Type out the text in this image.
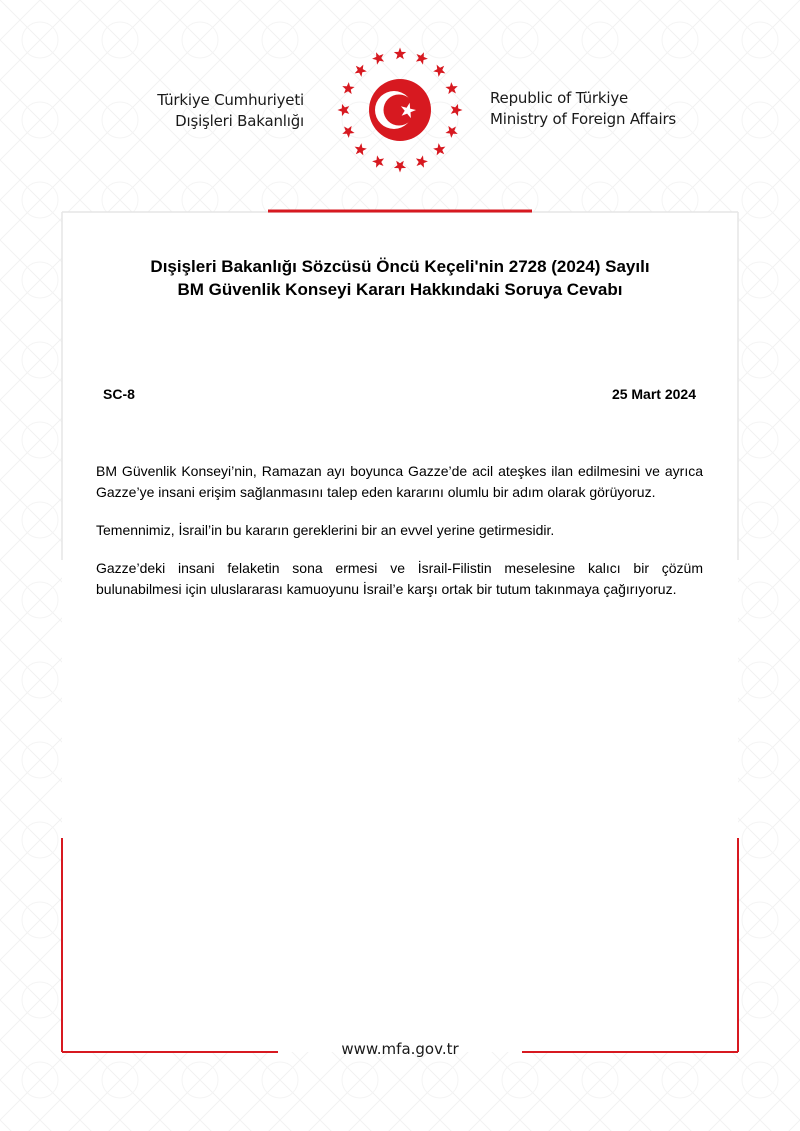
Türkiye Cumhuriyeti
Dışişleri Bakanlığı
Republic of Türkiye
Ministry of Foreign Affairs
Dışişleri Bakanlığı Sözcüsü Öncü Keçeli'nin 2728 (2024) Sayılı
BM Güvenlik Konseyi Kararı Hakkındaki Soruya Cevabı
SC-8	25 Mart 2024

BM Güvenlik Konseyi’nin, Ramazan ayı boyunca Gazze’de acil ateşkes ilan edilmesini ve ayrıca Gazze’ye insani erişim sağlanmasını talep eden kararını olumlu bir adım olarak görüyoruz.

Temennimiz, İsrail’in bu kararın gereklerini bir an evvel yerine getirmesidir.

Gazze’deki insani felaketin sona ermesi ve İsrail-Filistin meselesine kalıcı bir çözüm bulunabilmesi için uluslararası kamuoyunu İsrail’e karşı ortak bir tutum takınmaya çağırıyoruz.

www.mfa.gov.tr
